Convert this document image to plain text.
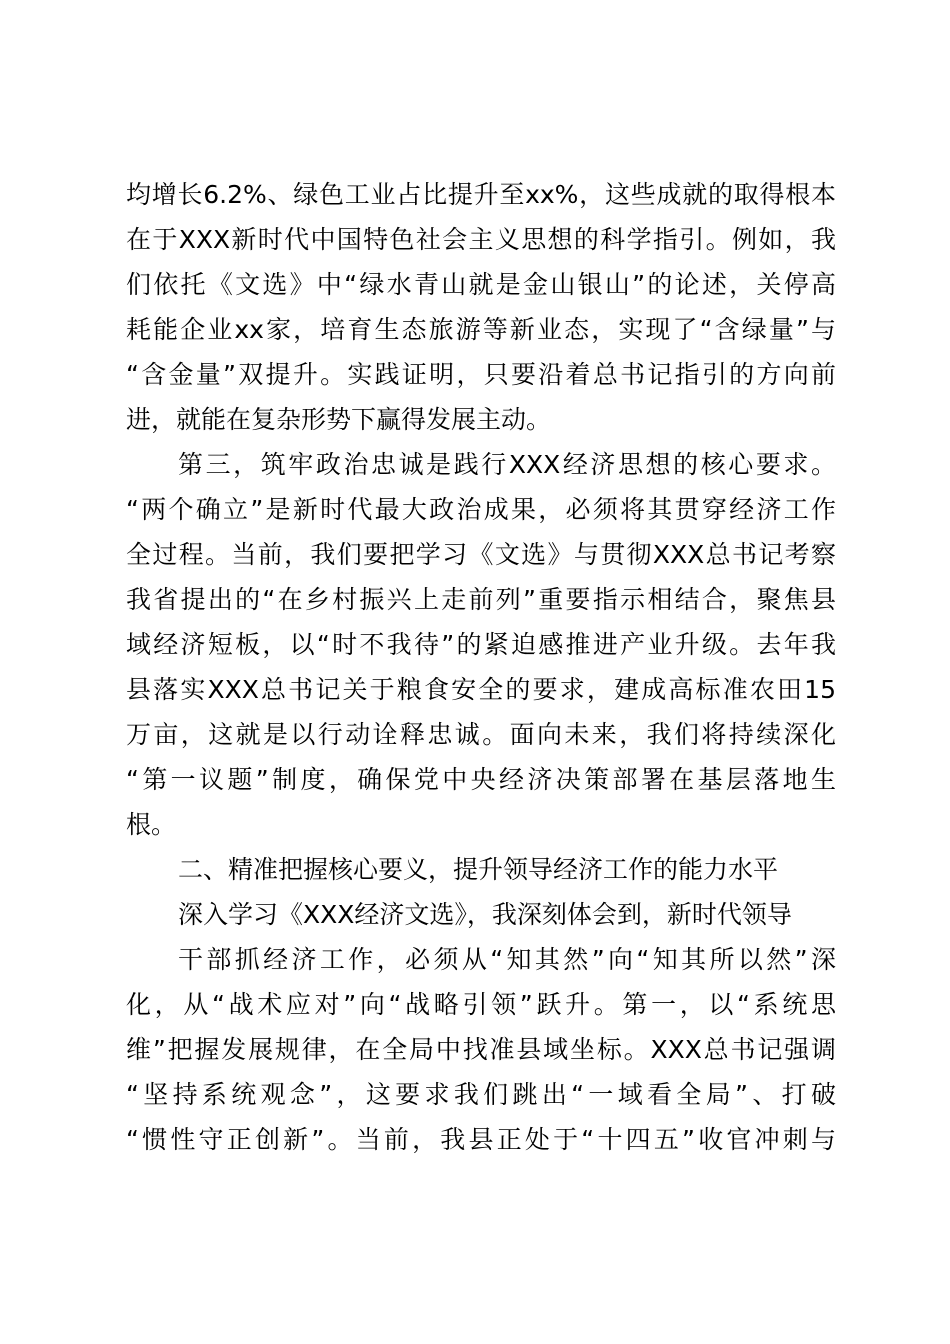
均增长6.2%、绿色工业占比提升至xx%，这些成就的取得根本
在于XXX新时代中国特色社会主义思想的科学指引。例如，我
们依托《文选》中“绿水青山就是金山银山”的论述，关停高
耗能企业xx家，培育生态旅游等新业态，实现了“含绿量”与
“含金量”双提升。实践证明，只要沿着总书记指引的方向前
进，就能在复杂形势下赢得发展主动。
第三，筑牢政治忠诚是践行XXX经济思想的核心要求。
“两个确立”是新时代最大政治成果，必须将其贯穿经济工作
全过程。当前，我们要把学习《文选》与贯彻XXX总书记考察
我省提出的“在乡村振兴上走前列”重要指示相结合，聚焦县
域经济短板，以“时不我待”的紧迫感推进产业升级。去年我
县落实XXX总书记关于粮食安全的要求，建成高标准农田15
万亩，这就是以行动诠释忠诚。面向未来，我们将持续深化
“第一议题”制度，确保党中央经济决策部署在基层落地生
根。
二、精准把握核心要义，提升领导经济工作的能力水平
深入学习《XXX经济文选》，我深刻体会到，新时代领导
干部抓经济工作，必须从“知其然”向“知其所以然”深
化，从“战术应对”向“战略引领”跃升。第一，以“系统思
维”把握发展规律，在全局中找准县域坐标。XXX总书记强调
“坚持系统观念”，这要求我们跳出“一域看全局”、打破
“惯性守正创新”。当前，我县正处于“十四五”收官冲刺与
